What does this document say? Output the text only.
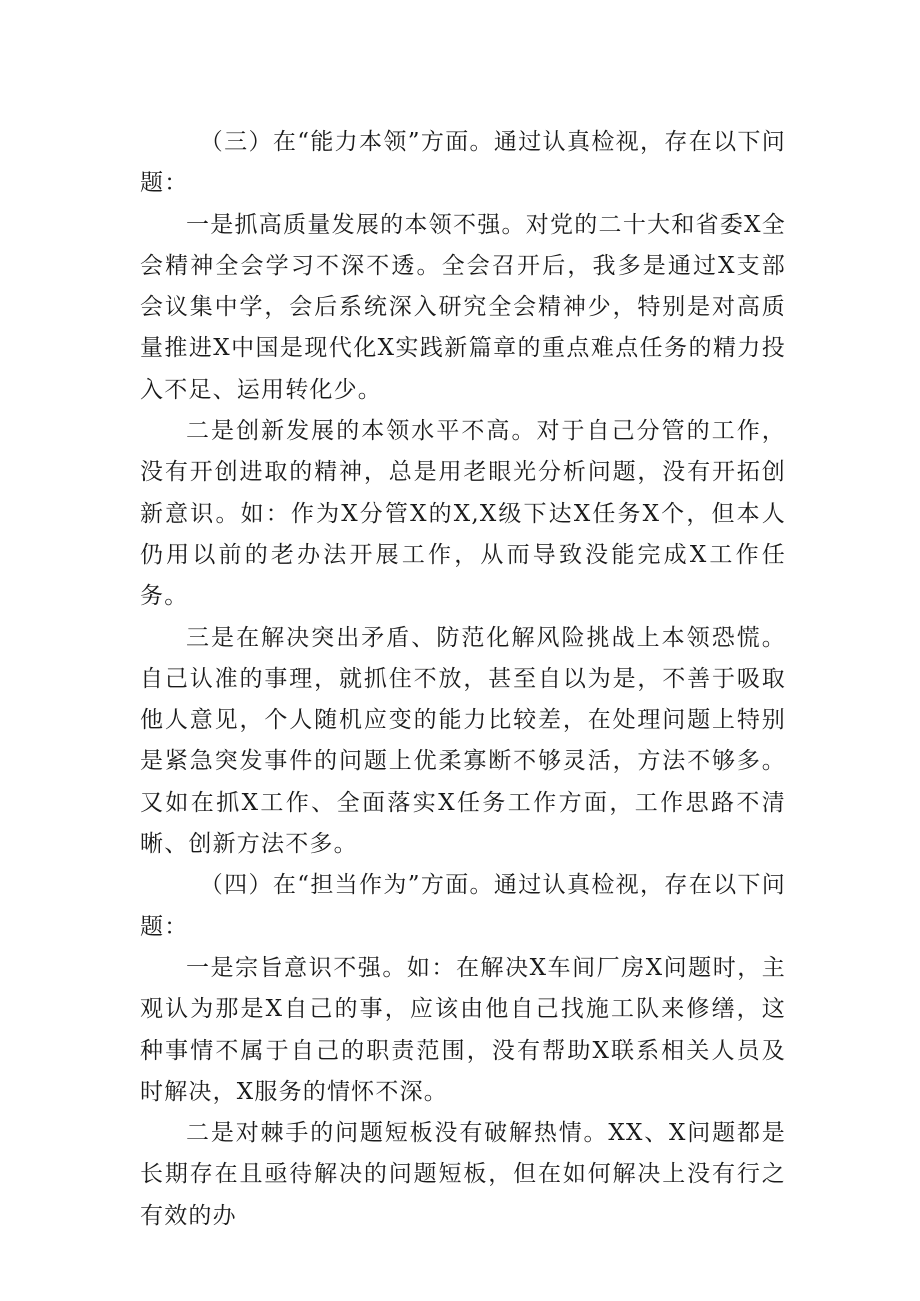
（三）在“能力本领”方面。通过认真检视，存在以下问题：

一是抓高质量发展的本领不强。对党的二十大和省委X全会精神全会学习不深不透。全会召开后，我多是通过X支部会议集中学，会后系统深入研究全会精神少，特别是对高质量推进X中国是现代化X实践新篇章的重点难点任务的精力投入不足、运用转化少。

二是创新发展的本领水平不高。对于自己分管的工作，没有开创进取的精神，总是用老眼光分析问题，没有开拓创新意识。如：作为X分管X的X,X级下达X任务X个，但本人仍用以前的老办法开展工作，从而导致没能完成X工作任务。

三是在解决突出矛盾、防范化解风险挑战上本领恐慌。自己认准的事理，就抓住不放，甚至自以为是，不善于吸取他人意见，个人随机应变的能力比较差，在处理问题上特别是紧急突发事件的问题上优柔寡断不够灵活，方法不够多。又如在抓X工作、全面落实X任务工作方面，工作思路不清晰、创新方法不多。

（四）在“担当作为”方面。通过认真检视，存在以下问题：

一是宗旨意识不强。如：在解决X车间厂房X问题时，主观认为那是X自己的事，应该由他自己找施工队来修缮，这种事情不属于自己的职责范围，没有帮助X联系相关人员及时解决，X服务的情怀不深。

二是对棘手的问题短板没有破解热情。XX、X问题都是长期存在且亟待解决的问题短板，但在如何解决上没有行之有效的办
